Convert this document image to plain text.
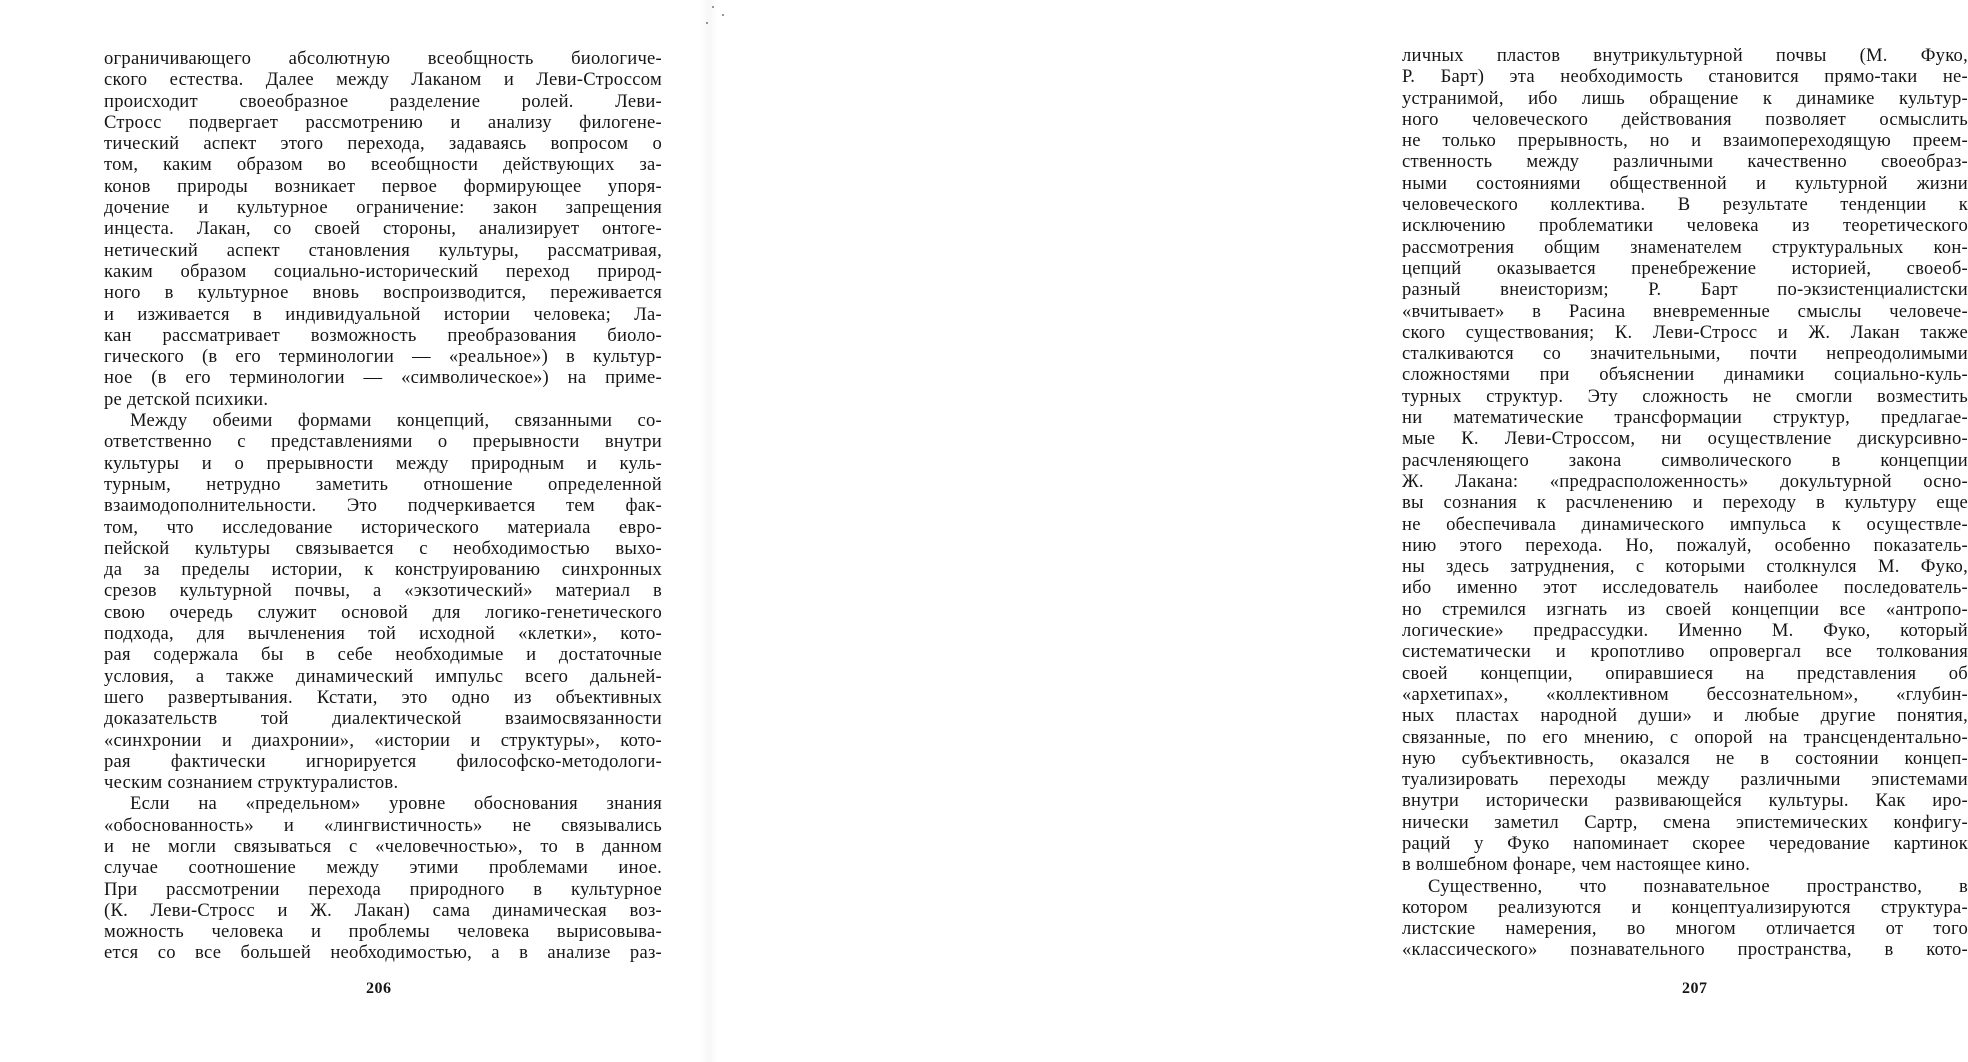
ограничивающего абсолютную всеобщность биологиче-
ского естества. Далее между Лаканом и Леви-Строссом
происходит своеобразное разделение ролей. Леви-
Стросс подвергает рассмотрению и анализу филогене-
тический аспект этого перехода, задаваясь вопросом о
том, каким образом во всеобщности действующих за-
конов природы возникает первое формирующее упоря-
дочение и культурное ограничение: закон запрещения
инцеста. Лакан, со своей стороны, анализирует онтоге-
нетический аспект становления культуры, рассматривая,
каким образом социально-исторический переход природ-
ного в культурное вновь воспроизводится, переживается
и изживается в индивидуальной истории человека; Ла-
кан рассматривает возможность преобразования биоло-
гического (в его терминологии — «реальное») в культур-
ное (в его терминологии — «символическое») на приме-
ре детской психики.
Между обеими формами концепций, связанными со-
ответственно с представлениями о прерывности внутри
культуры и о прерывности между природным и куль-
турным, нетрудно заметить отношение определенной
взаимодополнительности. Это подчеркивается тем фак-
том, что исследование исторического материала евро-
пейской культуры связывается с необходимостью выхо-
да за пределы истории, к конструированию синхронных
срезов культурной почвы, а «экзотический» материал в
свою очередь служит основой для логико-генетического
подхода, для вычленения той исходной «клетки», кото-
рая содержала бы в себе необходимые и достаточные
условия, а также динамический импульс всего дальней-
шего развертывания. Кстати, это одно из объективных
доказательств той диалектической взаимосвязанности
«синхронии и диахронии», «истории и структуры», кото-
рая фактически игнорируется философско-методологи-
ческим сознанием структуралистов.
Если на «предельном» уровне обоснования знания
«обоснованность» и «лингвистичность» не связывались
и не могли связываться с «человечностью», то в данном
случае соотношение между этими проблемами иное.
При рассмотрении перехода природного в культурное
(К. Леви-Стросс и Ж. Лакан) сама динамическая воз-
можность человека и проблемы человека вырисовыва-
ется со все большей необходимостью, а в анализе раз-
206
личных пластов внутрикультурной почвы (М. Фуко,
Р. Барт) эта необходимость становится прямо-таки не-
устранимой, ибо лишь обращение к динамике культур-
ного человеческого действования позволяет осмыслить
не только прерывность, но и взаимопереходящую преем-
ственность между различными качественно своеобраз-
ными состояниями общественной и культурной жизни
человеческого коллектива. В результате тенденции к
исключению проблематики человека из теоретического
рассмотрения общим знаменателем структуральных кон-
цепций оказывается пренебрежение историей, своеоб-
разный внеисторизм; Р. Барт по-экзистенциалистски
«вчитывает» в Расина вневременные смыслы человече-
ского существования; К. Леви-Стросс и Ж. Лакан также
сталкиваются со значительными, почти непреодолимыми
сложностями при объяснении динамики социально-куль-
турных структур. Эту сложность не смогли возместить
ни математические трансформации структур, предлагае-
мые К. Леви-Строссом, ни осуществление дискурсивно-
расчленяющего закона символического в концепции
Ж. Лакана: «предрасположенность» докультурной осно-
вы сознания к расчленению и переходу в культуру еще
не обеспечивала динамического импульса к осуществле-
нию этого перехода. Но, пожалуй, особенно показатель-
ны здесь затруднения, с которыми столкнулся М. Фуко,
ибо именно этот исследователь наиболее последователь-
но стремился изгнать из своей концепции все «антропо-
логические» предрассудки. Именно М. Фуко, который
систематически и кропотливо опровергал все толкования
своей концепции, опиравшиеся на представления об
«архетипах», «коллективном бессознательном», «глубин-
ных пластах народной души» и любые другие понятия,
связанные, по его мнению, с опорой на трансцендентально-
ную субъективность, оказался не в состоянии концеп-
туализировать переходы между различными эпистемами
внутри исторически развивающейся культуры. Как иро-
нически заметил Сартр, смена эпистемических конфигу-
раций у Фуко напоминает скорее чередование картинок
в волшебном фонаре, чем настоящее кино.
Существенно, что познавательное пространство, в
котором реализуются и концептуализируются структура-
листские намерения, во многом отличается от того
«классического» познавательного пространства, в кото-
207
